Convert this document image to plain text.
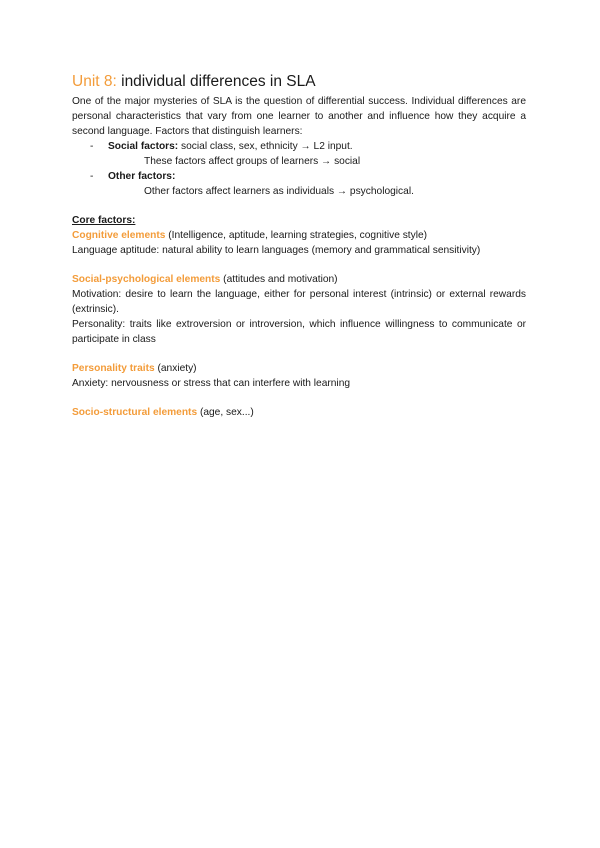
Unit 8: individual differences in SLA

One of the major mysteries of SLA is the question of differential success. Individual differences are personal characteristics that vary from one learner to another and influence how they acquire a second language. Factors that distinguish learners:

- Social factors: social class, sex, ethnicity → L2 input.

These factors affect groups of learners → social

- Other factors:

Other factors affect learners as individuals → psychological.

Core factors:

Cognitive elements (Intelligence, aptitude, learning strategies, cognitive style)

Language aptitude: natural ability to learn languages (memory and grammatical sensitivity)

Social-psychological elements (attitudes and motivation)

Motivation: desire to learn the language, either for personal interest (intrinsic) or external rewards (extrinsic).

Personality: traits like extroversion or introversion, which influence willingness to communicate or participate in class

Personality traits (anxiety)

Anxiety: nervousness or stress that can interfere with learning

Socio-structural elements (age, sex...)
